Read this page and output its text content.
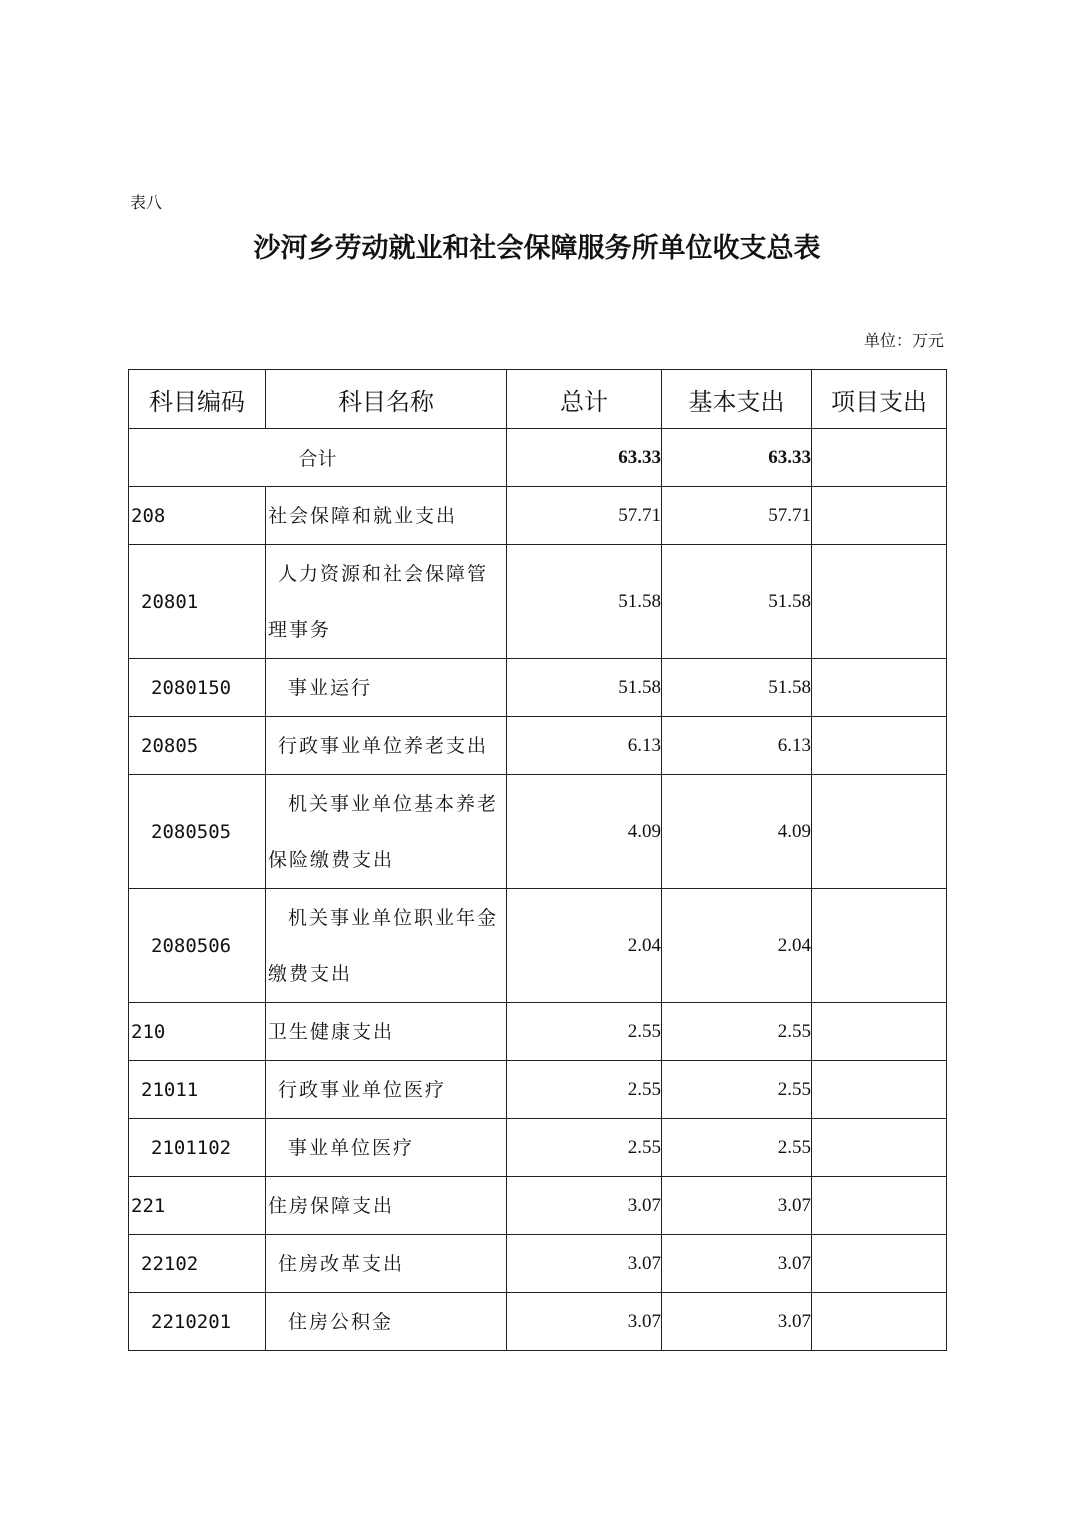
表八
沙河乡劳动就业和社会保障服务所单位收支总表
单位：万元
科目编码	科目名称	总计	基本支出	项目支出
合计		63.33	63.33	
208	社会保障和就业支出	57.71	57.71	
20801	人力资源和社会保障管理事务	51.58	51.58	
2080150	事业运行	51.58	51.58	
20805	行政事业单位养老支出	6.13	6.13	
2080505	机关事业单位基本养老保险缴费支出	4.09	4.09	
2080506	机关事业单位职业年金缴费支出	2.04	2.04	
210	卫生健康支出	2.55	2.55	
21011	行政事业单位医疗	2.55	2.55	
2101102	事业单位医疗	2.55	2.55	
221	住房保障支出	3.07	3.07	
22102	住房改革支出	3.07	3.07	
2210201	住房公积金	3.07	3.07	
